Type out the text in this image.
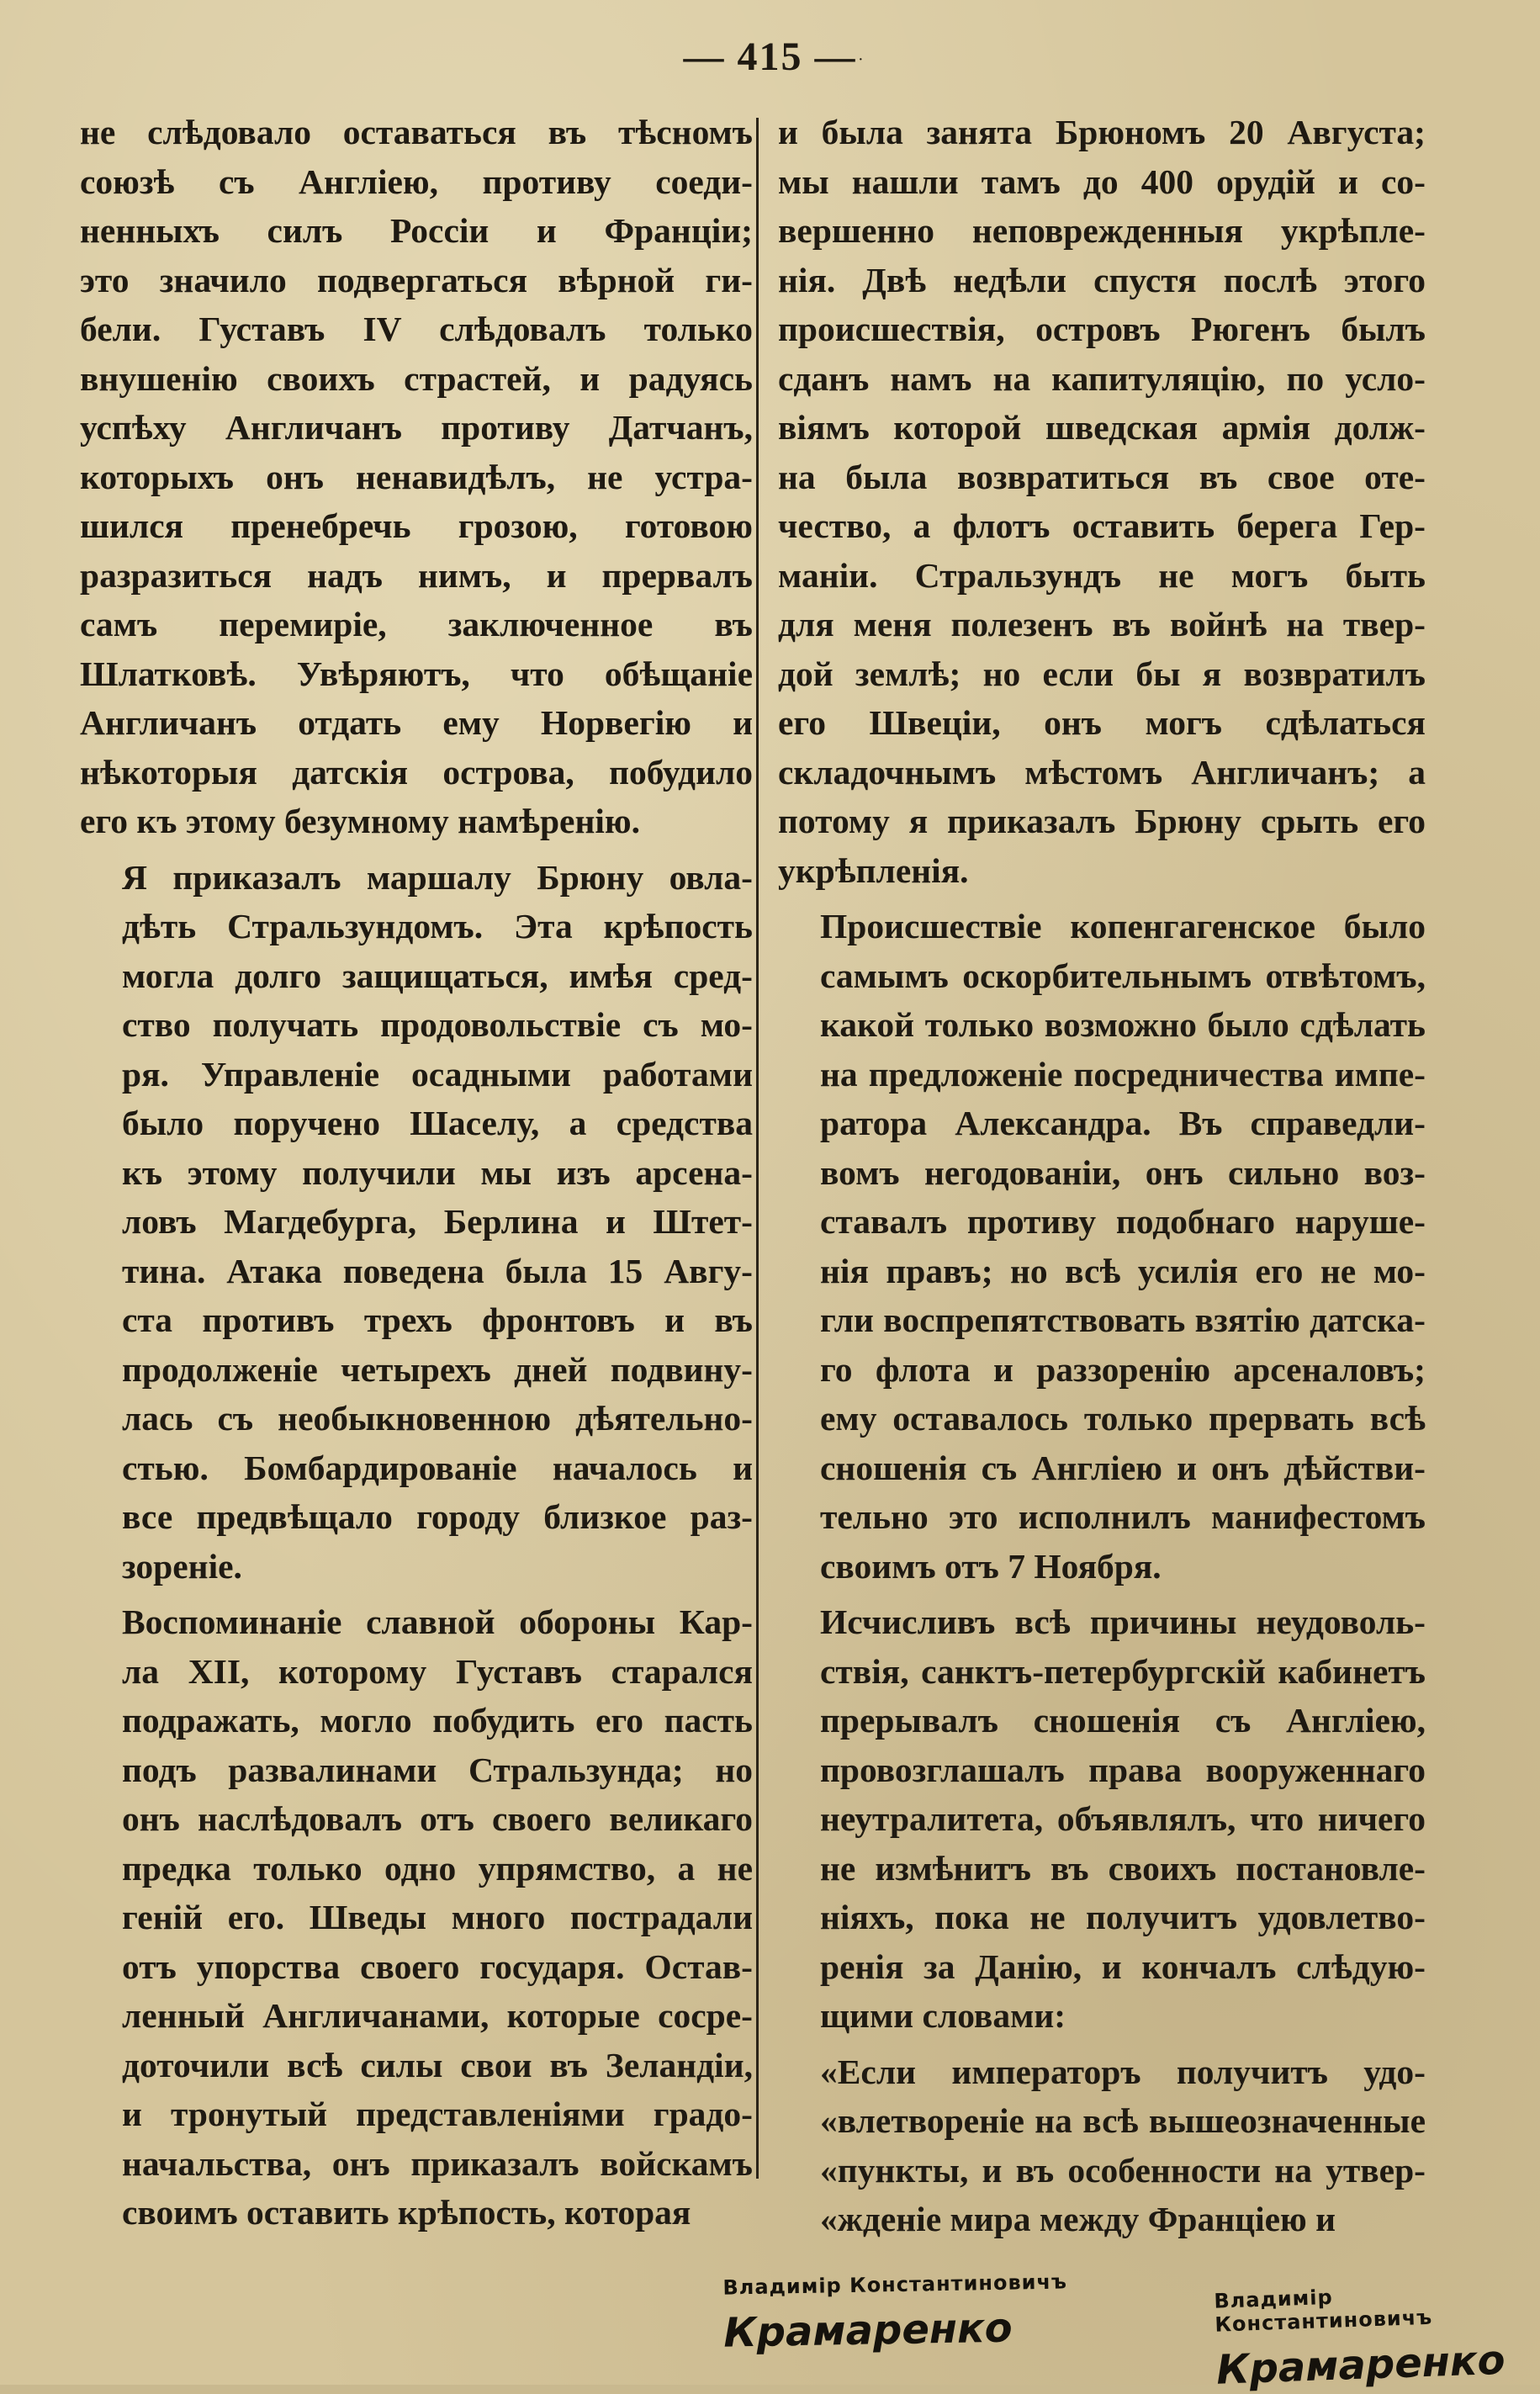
— 415 — ·

не слѣдовало оставаться въ тѣсномъ
союзѣ съ Англіею, противу соеди-
ненныхъ силъ Россіи и Франціи;
это значило подвергаться вѣрной ги-
бели. Густавъ IV слѣдовалъ только
внушенію своихъ страстей, и радуясь
успѣху Англичанъ противу Датчанъ,
которыхъ онъ ненавидѣлъ, не устра-
шился пренебречь грозою, готовою
разразиться надъ нимъ, и прервалъ
самъ перемиріе, заключенное въ
Шлатковѣ. Увѣряютъ, что обѣщаніе
Англичанъ отдать ему Норвегію и
нѣкоторыя датскія острова, побудило
его къ этому безумному намѣренію.

Я приказалъ маршалу Брюну овла-
дѣть Стральзундомъ. Эта крѣпость
могла долго защищаться, имѣя сред-
ство получать продовольствіе съ мо-
ря. Управленіе осадными работами
было поручено Шаселу, а средства
къ этому получили мы изъ арсена-
ловъ Магдебурга, Берлина и Штет-
тина. Атака поведена была 15 Авгу-
ста противъ трехъ фронтовъ и въ
продолженіе четырехъ дней подвину-
лась съ необыкновенною дѣятельно-
стью. Бомбардированіе началось и
все предвѣщало городу близкое раз-
зореніе.

Воспоминаніе славной обороны Кар-
ла XII, которому Густавъ старался
подражать, могло побудить его пасть
подъ развалинами Стральзунда; но
онъ наслѣдовалъ отъ своего великаго
предка только одно упрямство, а не
геній его. Шведы много пострадали
отъ упорства своего государя. Остав-
ленный Англичанами, которые сосре-
доточили всѣ силы свои въ Зеландіи,
и тронутый представленіями градо-
начальства, онъ приказалъ войскамъ
своимъ оставить крѣпость, которая

и была занята Брюномъ 20 Августа;
мы нашли тамъ до 400 орудій и со-
вершенно неповрежденныя укрѣпле-
нія. Двѣ недѣли спустя послѣ этого
происшествія, островъ Рюгенъ былъ
сданъ намъ на капитуляцію, по усло-
віямъ которой шведская армія долж-
на была возвратиться въ свое оте-
чество, а флотъ оставить берега Гер-
маніи. Стральзундъ не могъ быть
для меня полезенъ въ войнѣ на твер-
дой землѣ; но если бы я возвратилъ
его Швеціи, онъ могъ сдѣлаться
складочнымъ мѣстомъ Англичанъ; а
потому я приказалъ Брюну срыть его
укрѣпленія.

Происшествіе копенгагенское было
самымъ оскорбительнымъ отвѣтомъ,
какой только возможно было сдѣлать
на предложеніе посредничества импе-
ратора Александра. Въ справедли-
вомъ негодованіи, онъ сильно воз-
ставалъ противу подобнаго наруше-
нія правъ; но всѣ усилія его не мо-
гли воспрепятствовать взятію датска-
го флота и раззоренію арсеналовъ;
ему оставалось только прервать всѣ
сношенія съ Англіею и онъ дѣйстви-
тельно это исполнилъ манифестомъ
своимъ отъ 7 Ноября.

Исчисливъ всѣ причины неудоволь-
ствія, санктъ-петербургскій кабинетъ
прерывалъ сношенія съ Англіею,
провозглашалъ права вооруженнаго
неутралитета, объявлялъ, что ничего
не измѣнитъ въ своихъ постановле-
ніяхъ, пока не получитъ удовлетво-
ренія за Данію, и кончалъ слѣдую-
щими словами:

«Если императоръ получитъ удо-
«влетвореніе на всѣ вышеозначенные
«пункты, и въ особенности на утвер-
«жденіе мира между Франціею и

Владимір Константиновичъ
Крамаренко
Владимір Константиновичъ
Крамаренко
